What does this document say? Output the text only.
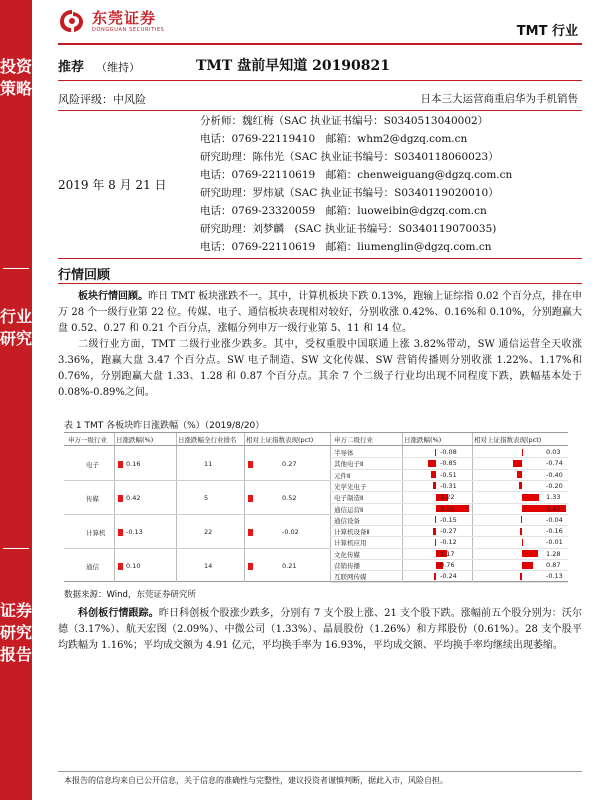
投资策略
行业研究
证券研究报告
东莞证券
DONGGUAN SECURITIES	TMT 行业
推荐 （维持）	TMT 盘前早知道 20190821
风险评级：中风险	日本三大运营商重启华为手机销售
2019 年 8 月 21 日
分析师：魏红梅（SAC 执业证书编号：S0340513040002）
电话：0769-22119410　邮箱：whm2@dgzq.com.cn
研究助理：陈伟光（SAC 执业证书编号：S0340118060023）
电话：0769-22110619　邮箱：chenweiguang@dgzq.com.cn
研究助理：罗炜斌（SAC 执业证书编号：S0340119020010）
电话：0769-23320059　邮箱：luoweibin@dgzq.com.cn
研究助理：刘梦麟　(SAC 执业证书编号：S0340119070035)
电话：0769-22110619　邮箱：liumenglin@dgzq.com.cn
行情回顾
板块行情回顾。昨日 TMT 板块涨跌不一。其中，计算机板块下跌 0.13%，跑输上证综指 0.02 个百分点，排在申万 28 个一级行业第 22 位。传媒、电子、通信板块表现相对较好，分别收涨 0.42%、0.16%和 0.10%，分别跑赢大盘 0.52、0.27 和 0.21 个百分点，涨幅分列申万一级行业第 5、11 和 14 位。
二级行业方面，TMT 二级行业涨少跌多。其中，受权重股中国联通上涨 3.82%带动，SW 通信运营全天收涨 3.36%，跑赢大盘 3.47 个百分点。SW 电子制造、SW 文化传媒、SW 营销传播则分别收涨 1.22%、1.17%和 0.76%，分别跑赢大盘 1.33、1.28 和 0.87 个百分点。其余 7 个二级子行业均出现不同程度下跌，跌幅基本处于 0.08%-0.89%之间。
表 1 TMT 各板块昨日涨跌幅（%）（2019/8/20）
申万一级行业 日涨跌幅(%)	日涨跌幅全行业排名 相对上证指数表现(pct)	申万二级行业	日涨跌幅(%)	相对上证指数表现(pct)
电子	0.16	11	0.27
传媒	0.42	5	0.52
计算机	-0.13	22	-0.02
通信	0.10	14	0.21
半导体	-0.08	0.03
其他电子Ⅱ	-0.85	-0.74
元件Ⅱ	-0.51	-0.40
光学光电子	-0.31	-0.20
电子制造Ⅱ	1.22	1.33
通信运营Ⅱ	3.36	3.47
通信设备	-0.15	-0.04
计算机设备Ⅱ	-0.27	-0.16
计算机应用	-0.12	-0.01
文化传媒	1.17	1.28
营销传播	0.76	0.87
互联网传媒	-0.24	-0.13
数据来源：Wind，东莞证券研究所
科创板行情跟踪。昨日科创板个股涨少跌多，分别有 7 支个股上涨、21 支个股下跌。涨幅前五个股分别为：沃尔德（3.17%）、航天宏图（2.09%）、中微公司（1.33%）、晶晨股份（1.26%）和方邦股份（0.61%）。28 支个股平均跌幅为 1.16%；平均成交额为 4.91 亿元，平均换手率为 16.93%，平均成交额、平均换手率均继续出现萎缩。
本报告的信息均来自已公开信息，关于信息的准确性与完整性，建议投资者谨慎判断，据此入市，风险自担。
